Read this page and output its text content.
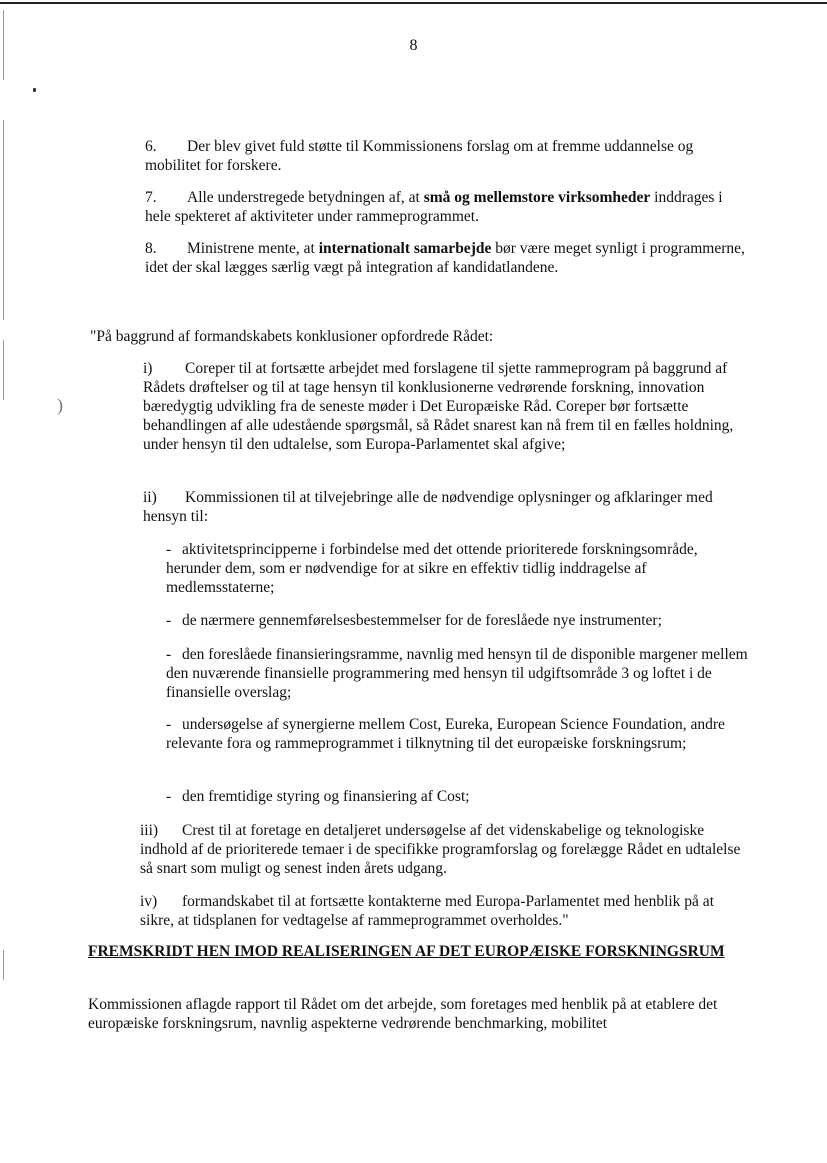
)
8

6. Der blev givet fuld støtte til Kommissionens forslag om at fremme uddannelse og mobilitet for forskere.

7. Alle understregede betydningen af, at små og mellemstore virksomheder inddrages i hele spekteret af aktiviteter under rammeprogrammet.

8. Ministrene mente, at internationalt samarbejde bør være meget synligt i programmerne, idet der skal lægges særlig vægt på integration af kandidatlandene.

"På baggrund af formandskabets konklusioner opfordrede Rådet:

i) Coreper til at fortsætte arbejdet med forslagene til sjette rammeprogram på baggrund af Rådets drøftelser og til at tage hensyn til konklusionerne vedrørende forskning, innovation bæredygtig udvikling fra de seneste møder i Det Europæiske Råd. Coreper bør fortsætte behandlingen af alle udestående spørgsmål, så Rådet snarest kan nå frem til en fælles holdning, under hensyn til den udtalelse, som Europa-Parlamentet skal afgive;

ii) Kommissionen til at tilvejebringe alle de nødvendige oplysninger og afklaringer med hensyn til:

- aktivitetsprincipperne i forbindelse med det ottende prioriterede forskningsområde, herunder dem, som er nødvendige for at sikre en effektiv tidlig inddragelse af medlemsstaterne;

- de nærmere gennemførelsesbestemmelser for de foreslåede nye instrumenter;

- den foreslåede finansieringsramme, navnlig med hensyn til de disponible margener mellem den nuværende finansielle programmering med hensyn til udgiftsområde 3 og loftet i de finansielle overslag;

- undersøgelse af synergierne mellem Cost, Eureka, European Science Foundation, andre relevante fora og rammeprogrammet i tilknytning til det europæiske forskningsrum;

- den fremtidige styring og finansiering af Cost;

iii) Crest til at foretage en detaljeret undersøgelse af det videnskabelige og teknologiske indhold af de prioriterede temaer i de specifikke programforslag og forelægge Rådet en udtalelse så snart som muligt og senest inden årets udgang.

iv) formandskabet til at fortsætte kontakterne med Europa-Parlamentet med henblik på at sikre, at tidsplanen for vedtagelse af rammeprogrammet overholdes."

FREMSKRIDT HEN IMOD REALISERINGEN AF DET EUROPÆISKE FORSKNINGSRUM

Kommissionen aflagde rapport til Rådet om det arbejde, som foretages med henblik på at etablere det europæiske forskningsrum, navnlig aspekterne vedrørende benchmarking, mobilitet
